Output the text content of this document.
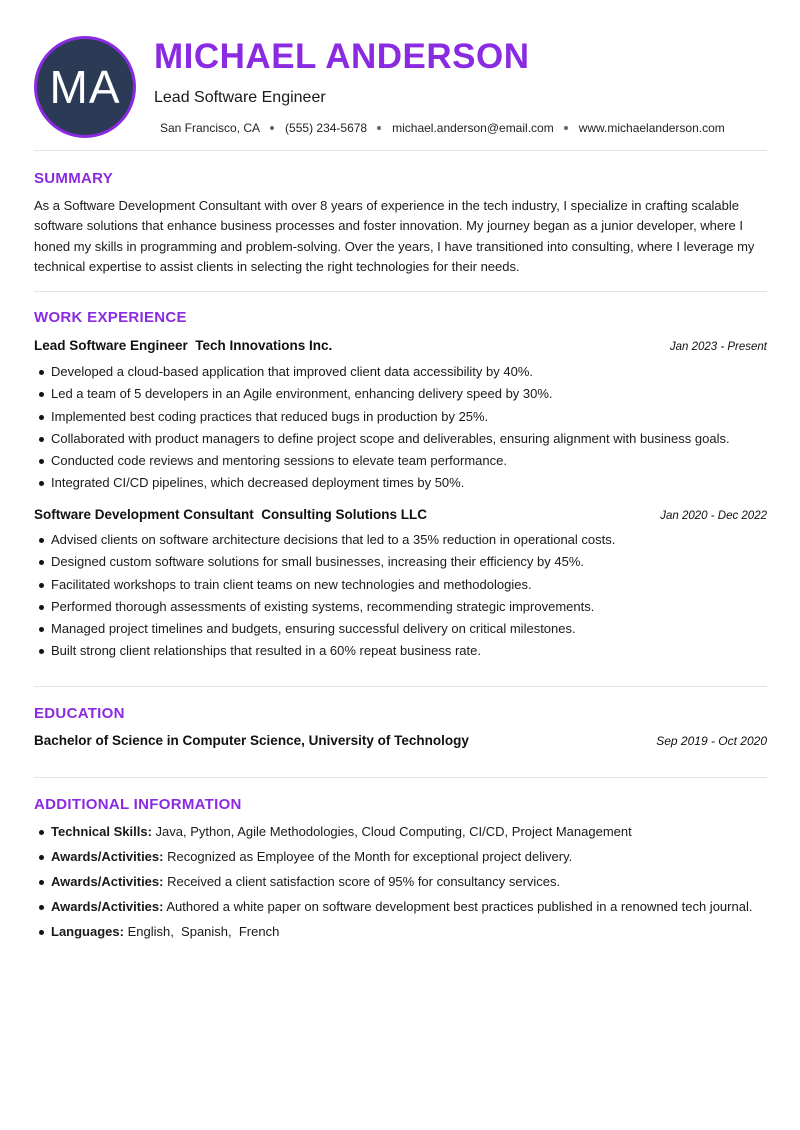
MA
MICHAEL ANDERSON
Lead Software Engineer
San Francisco, CA (555) 234-5678 michael.anderson@email.com www.michaelanderson.com
SUMMARY

As a Software Development Consultant with over 8 years of experience in the tech industry, I specialize in crafting scalable software solutions that enhance business processes and foster innovation. My journey began as a junior developer, where I honed my skills in programming and problem-solving. Over the years, I have transitioned into consulting, where I leverage my technical expertise to assist clients in selecting the right technologies for their needs.

WORK EXPERIENCE
Lead Software Engineer  Tech Innovations Inc.	Jan 2023 - Present
Developed a cloud-based application that improved client data accessibility by 40%.
Led a team of 5 developers in an Agile environment, enhancing delivery speed by 30%.
Implemented best coding practices that reduced bugs in production by 25%.
Collaborated with product managers to define project scope and deliverables, ensuring alignment with business goals.
Conducted code reviews and mentoring sessions to elevate team performance.
Integrated CI/CD pipelines, which decreased deployment times by 50%.
Software Development Consultant  Consulting Solutions LLC	Jan 2020 - Dec 2022
Advised clients on software architecture decisions that led to a 35% reduction in operational costs.
Designed custom software solutions for small businesses, increasing their efficiency by 45%.
Facilitated workshops to train client teams on new technologies and methodologies.
Performed thorough assessments of existing systems, recommending strategic improvements.
Managed project timelines and budgets, ensuring successful delivery on critical milestones.
Built strong client relationships that resulted in a 60% repeat business rate.
EDUCATION
Bachelor of Science in Computer Science, University of Technology	Sep 2019 - Oct 2020
ADDITIONAL INFORMATION
Technical Skills: Java, Python, Agile Methodologies, Cloud Computing, CI/CD, Project Management
Awards/Activities: Recognized as Employee of the Month for exceptional project delivery.
Awards/Activities: Received a client satisfaction score of 95% for consultancy services.
Awards/Activities: Authored a white paper on software development best practices published in a renowned tech journal.
Languages: English,  Spanish,  French
